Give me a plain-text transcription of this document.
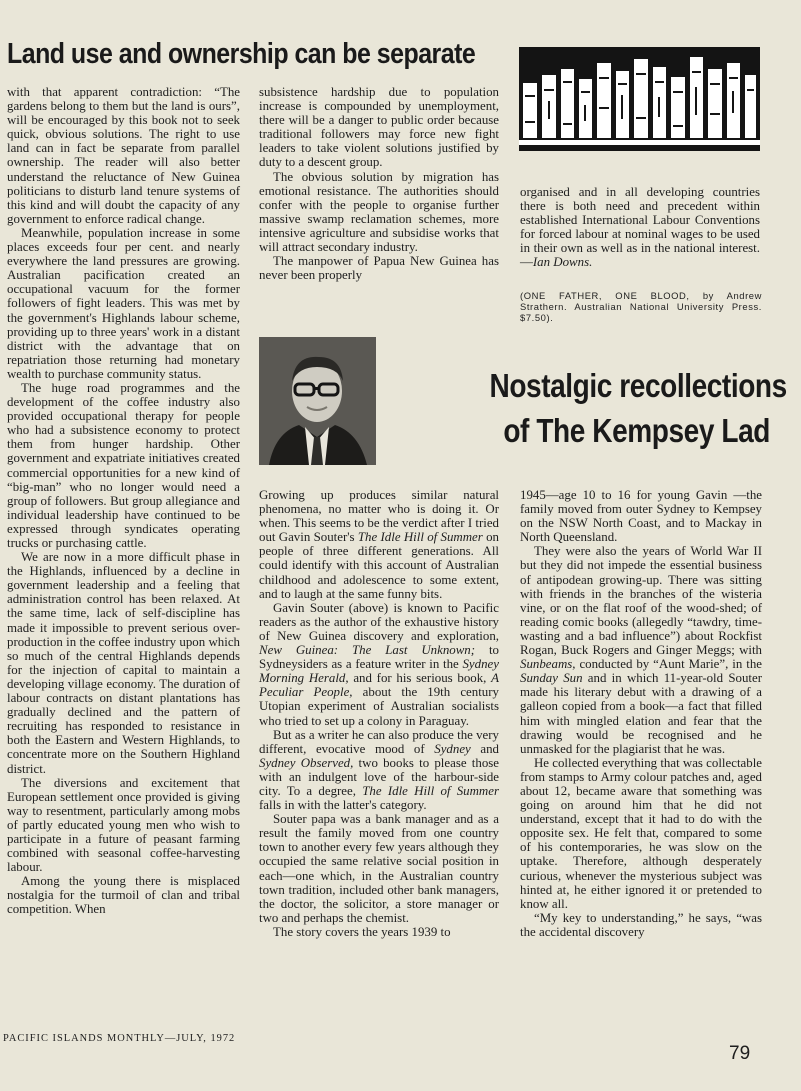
Land use and ownership can be separate

with that apparent contradiction: “The gardens belong to them but the land is ours”, will be encouraged by this book not to seek quick, obvious solutions. The right to use land can in fact be separate from parallel ownership. The reader will also better understand the reluctance of New Guinea politicians to disturb land tenure systems of this kind and will doubt the capacity of any government to enforce radical change.

Meanwhile, population increase in some places exceeds four per cent. and nearly everywhere the land pressures are growing. Australian pacification created an occupational vacuum for the former followers of fight leaders. This was met by the government's Highlands labour scheme, providing up to three years' work in a distant district with the advantage that on repatriation those returning had monetary wealth to purchase community status.

The huge road programmes and the development of the coffee industry also provided occupational therapy for people who had a subsistence economy to protect them from hunger hardship. Other government and expatriate initiatives created commercial opportunities for a new kind of “big-man” who no longer would need a group of followers. But group allegiance and individual leadership have continued to be expressed through syndicates operating trucks or purchasing cattle.

We are now in a more difficult phase in the Highlands, influenced by a decline in government leadership and a feeling that administration control has been relaxed. At the same time, lack of self-discipline has made it impossible to prevent serious over-production in the coffee industry upon which so much of the central Highlands depends for the injection of capital to maintain a developing village economy. The duration of labour contracts on distant plantations has gradually declined and the pattern of recruiting has responded to resistance in both the Eastern and Western Highlands, to concentrate more on the Southern Highland district.

The diversions and excitement that European settlement once provided is giving way to resentment, particularly among mobs of partly educated young men who wish to participate in a future of peasant farming combined with seasonal coffee-harvesting labour.

Among the young there is misplaced nostalgia for the turmoil of clan and tribal competition. When

subsistence hardship due to population increase is compounded by unemployment, there will be a danger to public order because traditional followers may force new fight leaders to take violent solutions justified by duty to a descent group.

The obvious solution by migration has emotional resistance. The authorities should confer with the people to organise further massive swamp reclamation schemes, more intensive agriculture and subsidise works that will attract secondary industry.

The manpower of Papua New Guinea has never been properly

organised and in all developing countries there is both need and precedent within established International Labour Conventions for forced labour at nominal wages to be used in their own as well as in the national interest.—Ian Downs.

(ONE FATHER, ONE BLOOD, by Andrew Strathern. Australian National University Press. $7.50).
Nostalgic recollections
of The Kempsey Lad

Growing up produces similar natural phenomena, no matter who is doing it. Or when. This seems to be the verdict after I tried out Gavin Souter's The Idle Hill of Summer on people of three different generations. All could identify with this account of Australian childhood and adolescence to some extent, and to laugh at the same funny bits.

Gavin Souter (above) is known to Pacific readers as the author of the exhaustive history of New Guinea discovery and exploration, New Guinea: The Last Unknown; to Sydneysiders as a feature writer in the Sydney Morning Herald, and for his serious book, A Peculiar People, about the 19th century Utopian experiment of Australian socialists who tried to set up a colony in Paraguay.

But as a writer he can also produce the very different, evocative mood of Sydney and Sydney Observed, two books to please those with an indulgent love of the harbour-side city. To a degree, The Idle Hill of Summer falls in with the latter's category.

Souter papa was a bank manager and as a result the family moved from one country town to another every few years although they occupied the same relative social position in each—one which, in the Australian country town tradition, included other bank managers, the doctor, the solicitor, a store manager or two and perhaps the chemist.

The story covers the years 1939 to

1945—age 10 to 16 for young Gavin —the family moved from outer Sydney to Kempsey on the NSW North Coast, and to Mackay in North Queensland.

They were also the years of World War II but they did not impede the essential business of antipodean growing-up. There was sitting with friends in the branches of the wisteria vine, or on the flat roof of the wood-shed; of reading comic books (allegedly “tawdry, time-wasting and a bad influence”) about Rockfist Rogan, Buck Rogers and Ginger Meggs; with Sunbeams, conducted by “Aunt Marie”, in the Sunday Sun and in which 11-year-old Souter made his literary debut with a drawing of a galleon copied from a book—a fact that filled him with mingled elation and fear that the drawing would be recognised and he unmasked for the plagiarist that he was.

He collected everything that was collectable from stamps to Army colour patches and, aged about 12, became aware that something was going on around him that he did not understand, except that it had to do with the opposite sex. He felt that, compared to some of his contemporaries, he was slow on the uptake. Therefore, although desperately curious, whenever the mysterious subject was hinted at, he either ignored it or pretended to know all.

“My key to understanding,” he says, “was the accidental discovery

PACIFIC ISLANDS MONTHLY—JULY, 1972
79
